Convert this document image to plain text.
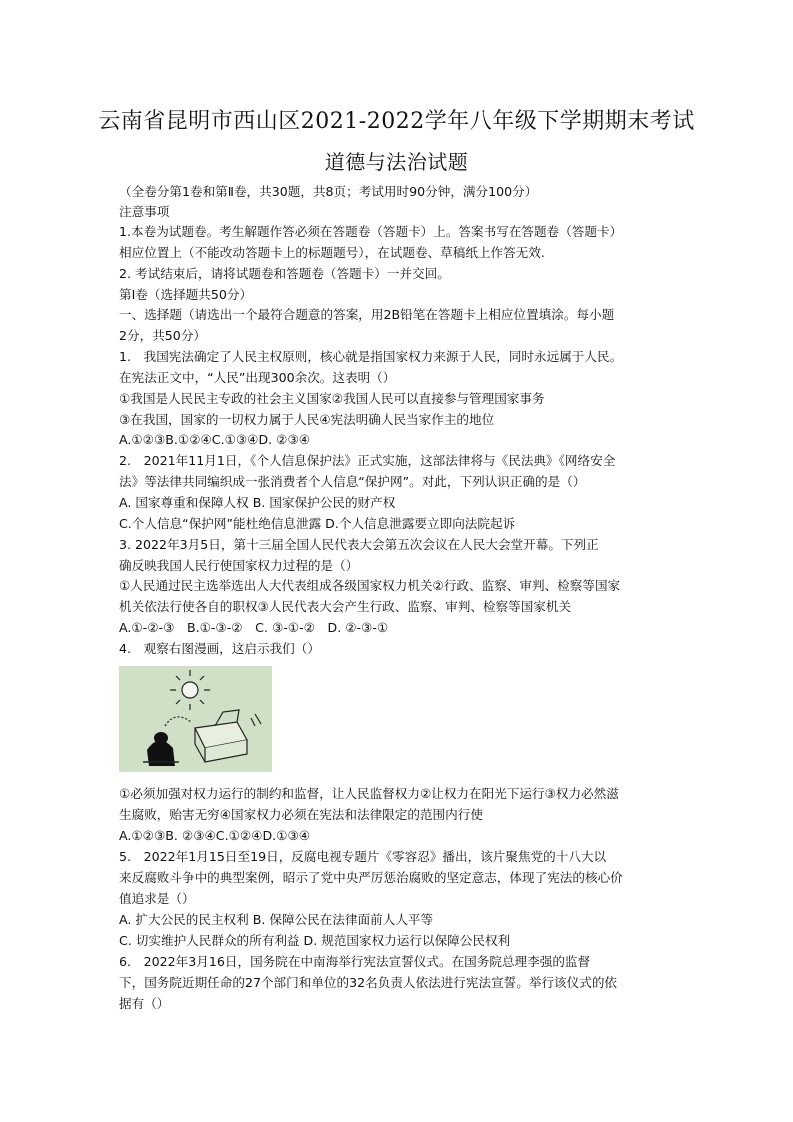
云南省昆明市西山区2021-2022学年八年级下学期期末考试
道德与法治试题
（全卷分第1卷和第Ⅱ卷，共30题，共8页；考试用时90分钟，满分100分）
注意事项
1.本卷为试题卷。考生解题作答必须在答题卷（答题卡）上。答案书写在答题卷（答题卡）
相应位置上（不能改动答题卡上的标题题号），在试题卷、草稿纸上作答无效.
2. 考试结束后，请将试题卷和答题卷（答题卡）一并交回。
第Ⅰ卷（选择题共50分）
一、选择题（请选出一个最符合题意的答案，用2B铅笔在答题卡上相应位置填涂。每小题
2分，共50分）
1.　我国宪法确定了人民主权原则，核心就是指国家权力来源于人民，同时永远属于人民。
在宪法正文中，“人民”出现300余次。这表明（）
①我国是人民民主专政的社会主义国家②我国人民可以直接参与管理国家事务
③在我国，国家的一切权力属于人民④宪法明确人民当家作主的地位
A.①②③B.①②④C.①③④D. ②③④
2.　2021年11月1日，《个人信息保护法》正式实施，这部法律将与《民法典》《网络安全
法》等法律共同编织成一张消费者个人信息“保护网”。对此，下列认识正确的是（）
A. 国家尊重和保障人权 B. 国家保护公民的财产权
C.个人信息“保护网”能杜绝信息泄露 D.个人信息泄露要立即向法院起诉
3. 2022年3月5日，第十三届全国人民代表大会第五次会议在人民大会堂开幕。下列正
确反映我国人民行使国家权力过程的是（）
①人民通过民主选举选出人大代表组成各级国家权力机关②行政、监察、审判、检察等国家
机关依法行使各自的职权③人民代表大会产生行政、监察、审判、检察等国家机关
A.①-②-③　B.①-③-②　C. ③-①-②　D. ②-③-①
4.　观察右图漫画，这启示我们（）
①必须加强对权力运行的制约和监督，让人民监督权力②让权力在阳光下运行③权力必然滋
生腐败，贻害无穷④国家权力必须在宪法和法律限定的范围内行使
A.①②③B. ②③④C.①②④D.①③④
5.　2022年1月15日至19日，反腐电视专题片《零容忍》播出，该片聚焦党的十八大以
来反腐败斗争中的典型案例，昭示了党中央严厉惩治腐败的坚定意志，体现了宪法的核心价
值追求是（）
A. 扩大公民的民主权利 B. 保障公民在法律面前人人平等
C. 切实维护人民群众的所有利益 D. 规范国家权力运行以保障公民权利
6.　2022年3月16日，国务院在中南海举行宪法宣誓仪式。在国务院总理李强的监督
下，国务院近期任命的27个部门和单位的32名负责人依法进行宪法宣誓。举行该仪式的依
据有（）
